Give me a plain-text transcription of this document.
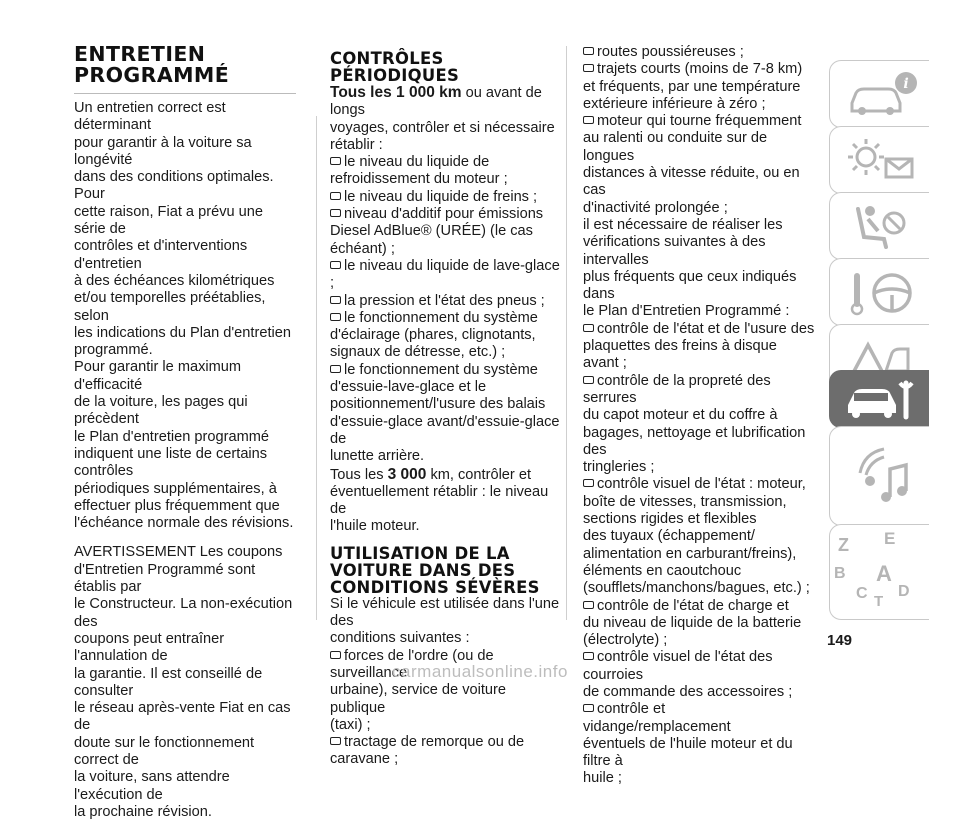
ENTRETIEN
PROGRAMMÉ

Un entretien correct est déterminant
pour garantir à la voiture sa longévité
dans des conditions optimales. Pour
cette raison, Fiat a prévu une série de
contrôles et d'interventions d'entretien
à des échéances kilométriques
et/ou temporelles préétablies, selon
les indications du Plan d'entretien
programmé.

Pour garantir le maximum d'efficacité
de la voiture, les pages qui précèdent
le Plan d'entretien programmé
indiquent une liste de certains contrôles
périodiques supplémentaires, à
effectuer plus fréquemment que
l'échéance normale des révisions.

AVERTISSEMENT Les coupons
d'Entretien Programmé sont établis par
le Constructeur. La non-exécution des
coupons peut entraîner l'annulation de
la garantie. Il est conseillé de consulter
le réseau après-vente Fiat en cas de
doute sur le fonctionnement correct de
la voiture, sans attendre l'exécution de
la prochaine révision.

CONTRÔLES
PÉRIODIQUES

Tous les 1 000 km ou avant de longs
voyages, contrôler et si nécessaire
rétablir :

le niveau du liquide de
refroidissement du moteur ;

le niveau du liquide de freins ;

niveau d'additif pour émissions
Diesel AdBlue® (URÉE) (le cas
échéant) ;

le niveau du liquide de lave-glace ;

la pression et l'état des pneus ;

le fonctionnement du système
d'éclairage (phares, clignotants,
signaux de détresse, etc.) ;

le fonctionnement du système
d'essuie-lave-glace et le
positionnement/l'usure des balais
d'essuie-glace avant/d'essuie-glace de
lunette arrière.

Tous les 3 000 km, contrôler et
éventuellement rétablir : le niveau de
l'huile moteur.

UTILISATION DE LA
VOITURE DANS DES
CONDITIONS SÉVÈRES

Si le véhicule est utilisée dans l'une des
conditions suivantes :

forces de l'ordre (ou de surveillance
urbaine), service de voiture publique
(taxi) ;

tractage de remorque ou de
caravane ;

routes poussiéreuses ;

trajets courts (moins de 7-8 km)
et fréquents, par une température
extérieure inférieure à zéro ;

moteur qui tourne fréquemment
au ralenti ou conduite sur de longues
distances à vitesse réduite, ou en cas
d'inactivité prolongée ;

il est nécessaire de réaliser les
vérifications suivantes à des intervalles
plus fréquents que ceux indiqués dans
le Plan d'Entretien Programmé :

contrôle de l'état et de l'usure des
plaquettes des freins à disque avant ;

contrôle de la propreté des serrures
du capot moteur et du coffre à
bagages, nettoyage et lubrification des
tringleries ;

contrôle visuel de l'état : moteur,
boîte de vitesses, transmission,
sections rigides et flexibles
des tuyaux (échappement/
alimentation en carburant/freins),
éléments en caoutchouc
(soufflets/manchons/bagues, etc.) ;

contrôle de l'état de charge et
du niveau de liquide de la batterie
(électrolyte) ;

contrôle visuel de l'état des courroies
de commande des accessoires ;

contrôle et vidange/remplacement
éventuels de l'huile moteur et du filtre à
huile ;

i
Z E
B A
C T
D
149
carmanualsonline.info
